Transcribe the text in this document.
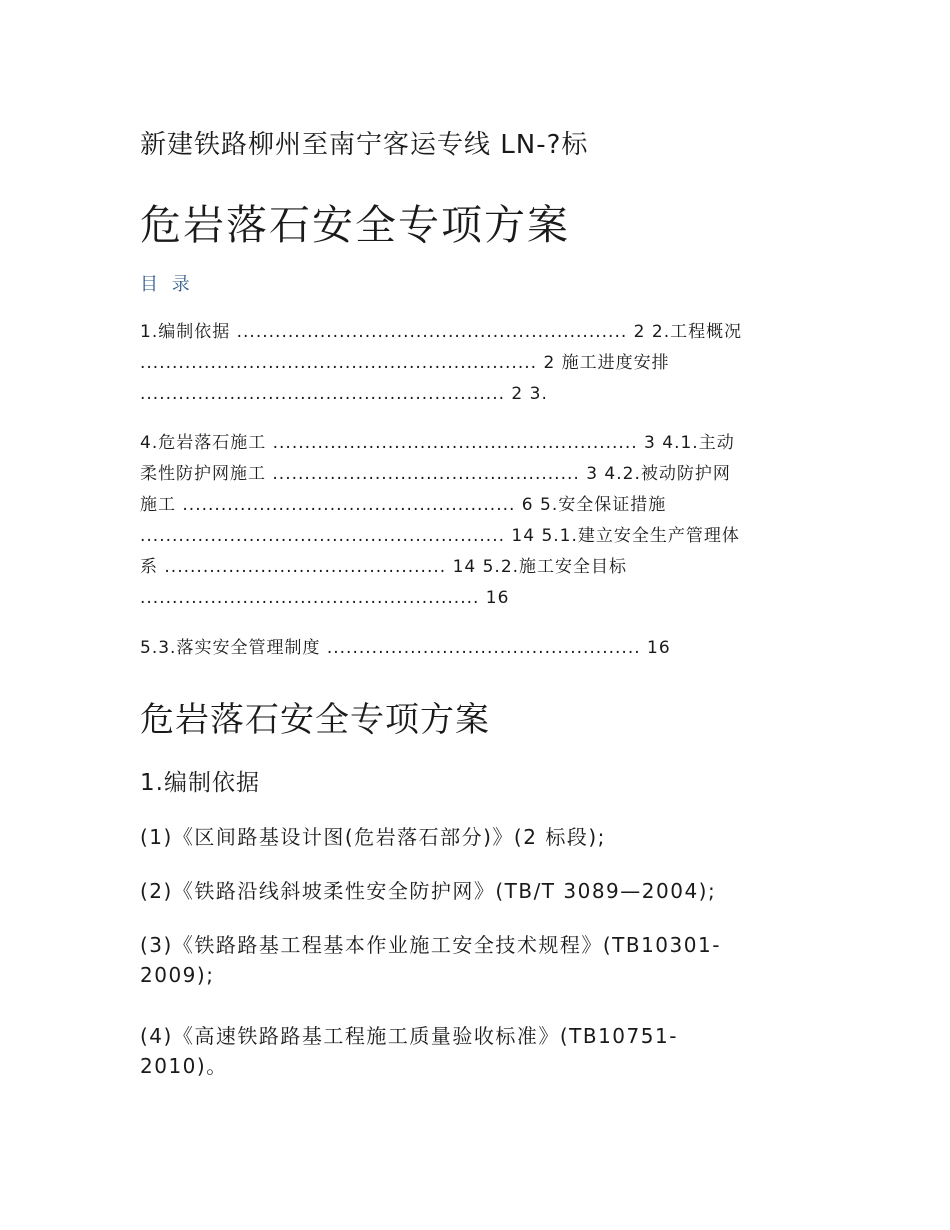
新建铁路柳州至南宁客运专线 LN-?标
危岩落石安全专项方案
目 录
1.编制依据 ............................................................. 2 2.工程概况
.............................................................. 2 施工进度安排
......................................................... 2 3.
4.危岩落石施工 ......................................................... 3 4.1.主动
柔性防护网施工 ................................................ 3 4.2.被动防护网
施工 .................................................... 6 5.安全保证措施
......................................................... 14 5.1.建立安全生产管理体
系 ............................................ 14 5.2.施工安全目标
..................................................... 16
5.3.落实安全管理制度 ................................................. 16
危岩落石安全专项方案
1.编制依据
(1)《区间路基设计图(危岩落石部分)》(2 标段);
(2)《铁路沿线斜坡柔性安全防护网》(TB/T 3089—2004);
(3)《铁路路基工程基本作业施工安全技术规程》(TB10301-
2009);
(4)《高速铁路路基工程施工质量验收标准》(TB10751-
2010)。
